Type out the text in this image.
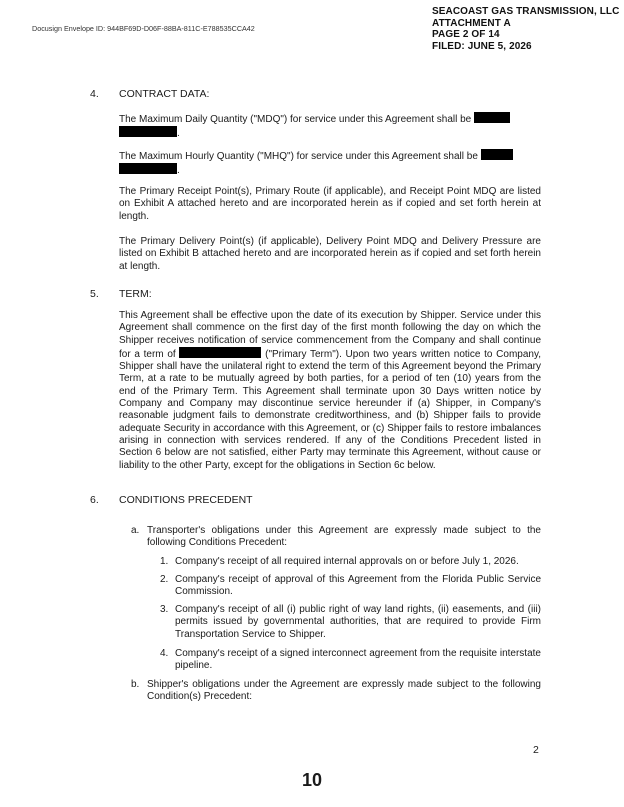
Docusign Envelope ID: 944BF69D-D06F-88BA-811C-E788535CCA42
SEACOAST GAS TRANSMISSION, LLC
ATTACHMENT A
PAGE 2 OF 14
FILED: JUNE 5, 2026
4. CONTRACT DATA:
The Maximum Daily Quantity ("MDQ") for service under this Agreement shall be
.
The Maximum Hourly Quantity ("MHQ") for service under this Agreement shall be
.
The Primary Receipt Point(s), Primary Route (if applicable), and Receipt Point MDQ are listed on Exhibit A attached hereto and are incorporated herein as if copied and set forth herein at length.
The Primary Delivery Point(s) (if applicable), Delivery Point MDQ and Delivery Pressure are listed on Exhibit B attached hereto and are incorporated herein as if copied and set forth herein at length.
5. TERM:
This Agreement shall be effective upon the date of its execution by Shipper. Service under this Agreement shall commence on the first day of the first month following the day on which the Shipper receives notification of service commencement from the Company and shall continue for a term of	("Primary Term"). Upon two years written notice to Company, Shipper shall have the unilateral right to extend the term of this Agreement beyond the Primary Term, at a rate to be mutually agreed by both parties, for a period of ten (10) years from the end of the Primary Term. This Agreement shall terminate upon 30 Days written notice by Company and Company may discontinue service hereunder if (a) Shipper, in Company's reasonable judgment fails to demonstrate creditworthiness, and (b) Shipper fails to provide adequate Security in accordance with this Agreement, or (c) Shipper fails to restore imbalances arising in connection with services rendered. If any of the Conditions Precedent listed in Section 6 below are not satisfied, either Party may terminate this Agreement, without cause or liability to the other Party, except for the obligations in Section 6c below.
6. CONDITIONS PRECEDENT
a. Transporter's obligations under this Agreement are expressly made subject to the following Conditions Precedent:
1. Company's receipt of all required internal approvals on or before July 1, 2026.
2. Company's receipt of approval of this Agreement from the Florida Public Service Commission.
3. Company's receipt of all (i) public right of way land rights, (ii) easements, and (iii) permits issued by governmental authorities, that are required to provide Firm Transportation Service to Shipper.
4. Company's receipt of a signed interconnect agreement from the requisite interstate pipeline.
b. Shipper's obligations under the Agreement are expressly made subject to the following Condition(s) Precedent:
2
10
